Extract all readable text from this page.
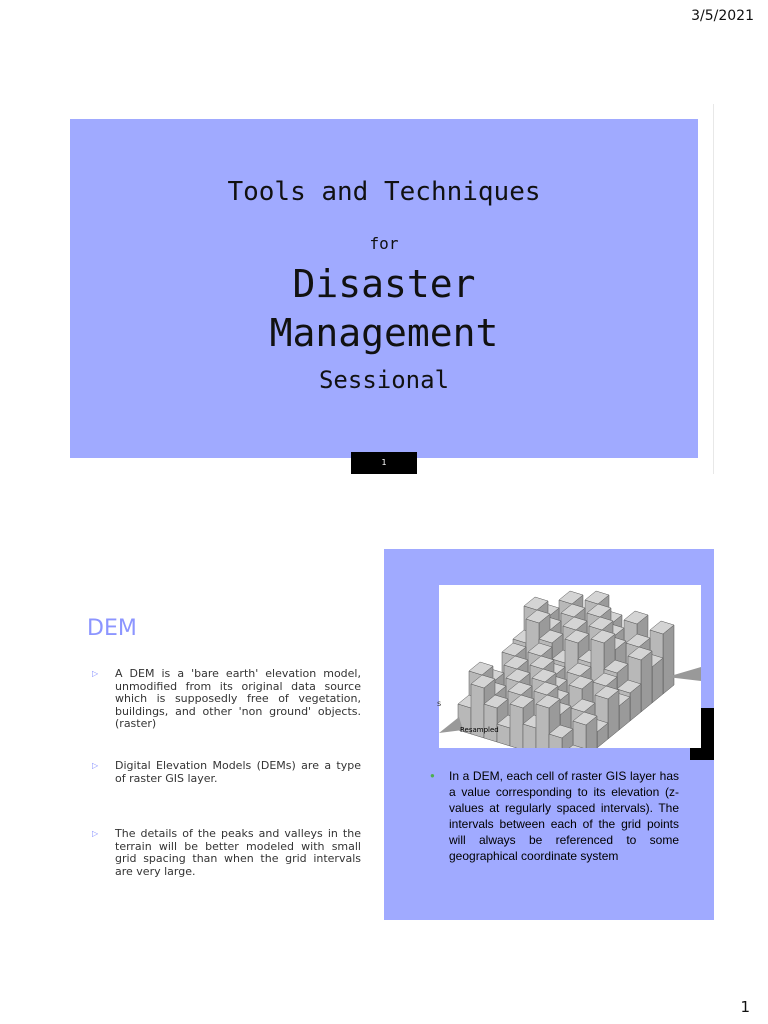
3/5/2021
Tools and Techniques
for
Disaster
Management
Sessional
1
DEM
▷ A DEM is a 'bare earth' elevation model, unmodified from its original data source which is supposedly free of vegetation, buildings, and other 'non ground' objects. (raster)
▷ Digital Elevation Models (DEMs) are a type of raster GIS layer.
▷ The details of the peaks and valleys in the terrain will be better modeled with small grid spacing than when the grid intervals are very large.
s
Resampled
● In a DEM, each cell of raster GIS layer has a value corresponding to its elevation (z-values at regularly spaced intervals). The intervals between each of the grid points will always be referenced to some geographical coordinate system
1
